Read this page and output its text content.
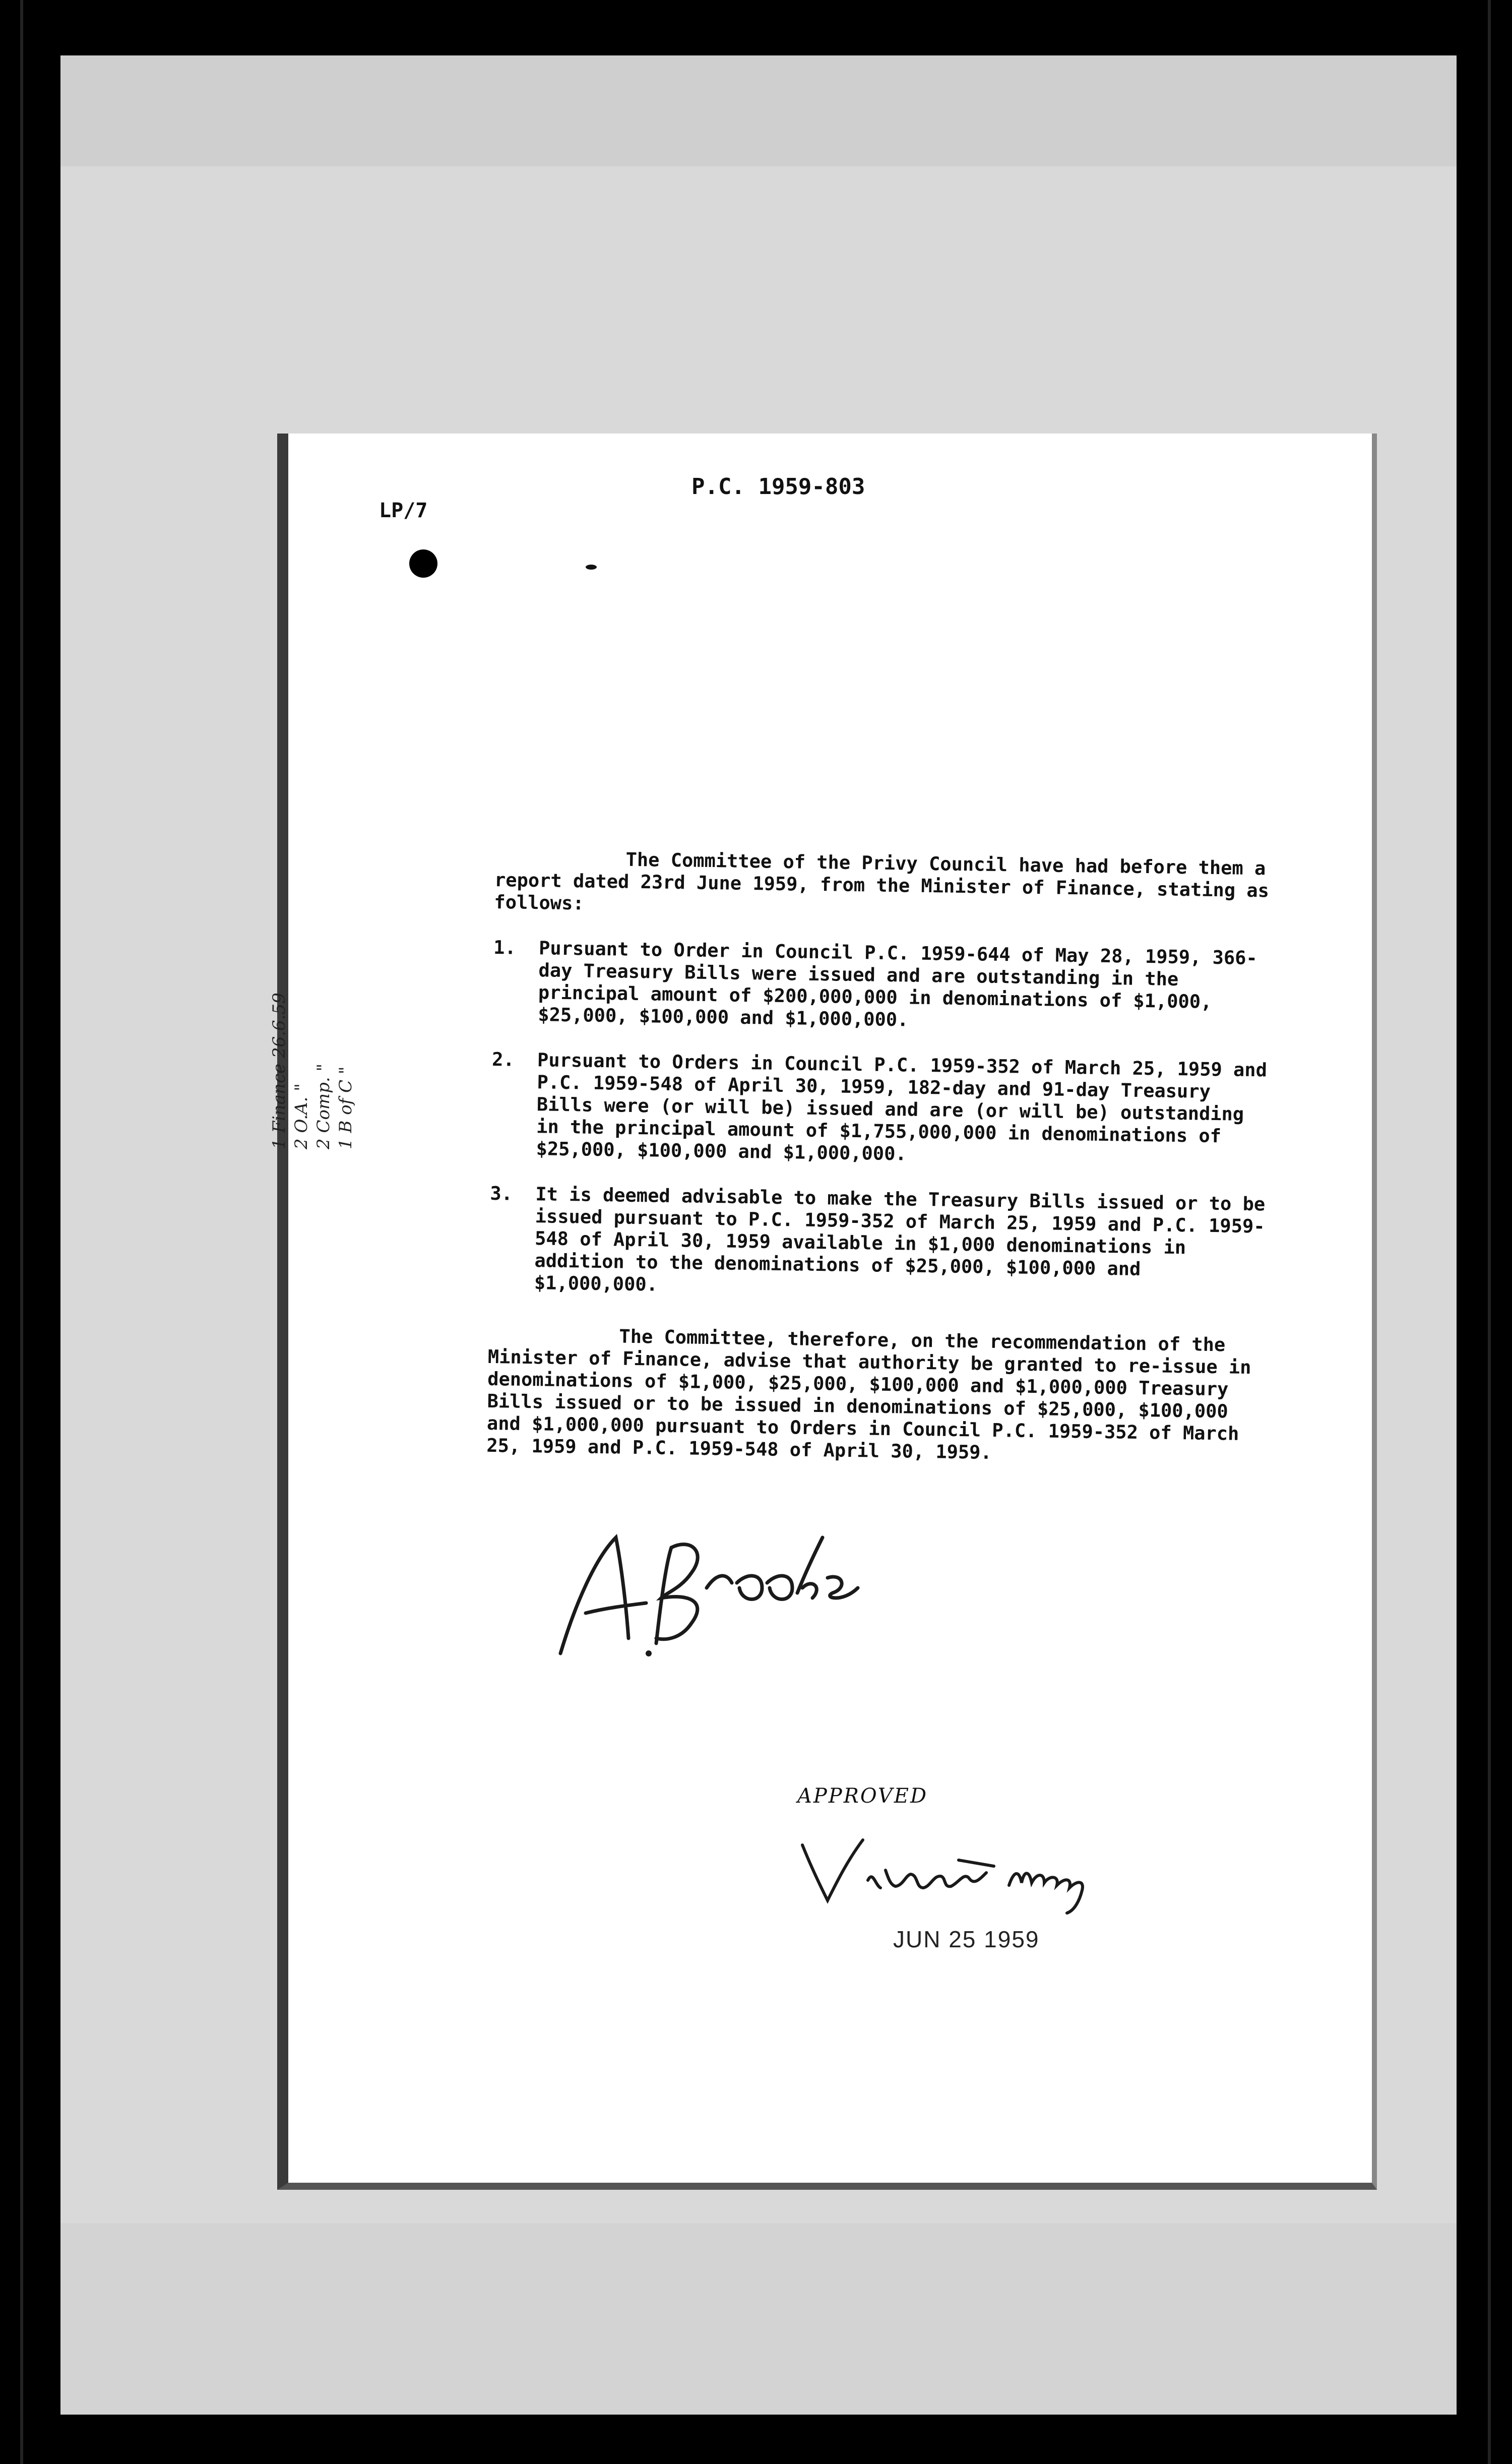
P.C. 1959-803
LP/7
1 Finance 26.6.59 2 O.A. " 2 Comp. " 1 B of C "

The Committee of the Privy Council have had before them a report dated 23rd June 1959, from the Minister of Finance, stating as follows:

1. Pursuant to Order in Council P.C. 1959-644 of May 28, 1959, 366-day Treasury Bills were issued and are outstanding in the principal amount of $200,000,000 in denominations of $1,000, $25,000, $100,000 and $1,000,000.
2. Pursuant to Orders in Council P.C. 1959-352 of March 25, 1959 and P.C. 1959-548 of April 30, 1959, 182-day and 91-day Treasury Bills were (or will be) issued and are (or will be) outstanding in the principal amount of $1,755,000,000 in denominations of $25,000, $100,000 and $1,000,000.
3. It is deemed advisable to make the Treasury Bills issued or to be issued pursuant to P.C. 1959-352 of March 25, 1959 and P.C. 1959-548 of April 30, 1959 available in $1,000 denominations in addition to the denominations of $25,000, $100,000 and $1,000,000.

The Committee, therefore, on the recommendation of the Minister of Finance, advise that authority be granted to re-issue in denominations of $1,000, $25,000, $100,000 and $1,000,000 Treasury Bills issued or to be issued in denominations of $25,000, $100,000 and $1,000,000 pursuant to Orders in Council P.C. 1959-352 of March 25, 1959 and P.C. 1959-548 of April 30, 1959.

APPROVED
JUN 25 1959
